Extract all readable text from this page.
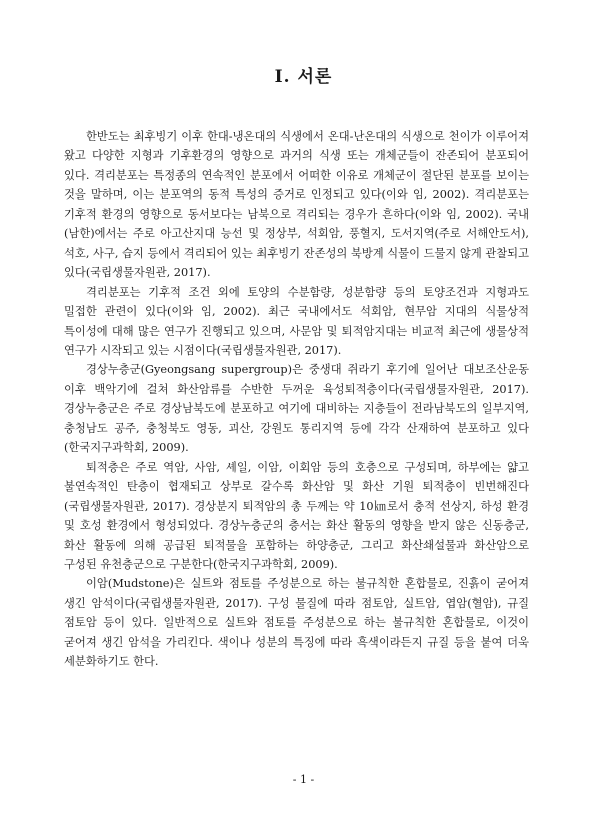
Ⅰ. 서론

한반도는 최후빙기 이후 한대-냉온대의 식생에서 온대-난온대의 식생으로 천이가 이루어져 왔고 다양한 지형과 기후환경의 영향으로 과거의 식생 또는 개체군들이 잔존되어 분포되어 있다. 격리분포는 특정종의 연속적인 분포에서 어떠한 이유로 개체군이 절단된 분포를 보이는 것을 말하며, 이는 분포역의 동적 특성의 증거로 인정되고 있다(이와 임, 2002). 격리분포는 기후적 환경의 영향으로 동서보다는 남북으로 격리되는 경우가 흔하다(이와 임, 2002). 국내(남한)에서는 주로 아고산지대 능선 및 정상부, 석회암, 풍혈지, 도서지역(주로 서해안도서), 석호, 사구, 습지 등에서 격리되어 있는 최후빙기 잔존성의 북방계 식물이 드물지 않게 관찰되고 있다(국립생물자원관, 2017).

격리분포는 기후적 조건 외에 토양의 수분함량, 성분함량 등의 토양조건과 지형과도 밀접한 관련이 있다(이와 임, 2002). 최근 국내에서도 석회암, 현무암 지대의 식물상적 특이성에 대해 많은 연구가 진행되고 있으며, 사문암 및 퇴적암지대는 비교적 최근에 생물상적 연구가 시작되고 있는 시점이다(국립생물자원관, 2017).

경상누층군(Gyeongsang supergroup)은 중생대 쥐라기 후기에 일어난 대보조산운동 이후 백악기에 걸쳐 화산암류를 수반한 두꺼운 육성퇴적층이다(국립생물자원관, 2017). 경상누층군은 주로 경상남북도에 분포하고 여기에 대비하는 지층들이 전라남북도의 일부지역, 충청남도 공주, 충청북도 영동, 괴산, 강원도 통리지역 등에 각각 산재하여 분포하고 있다(한국지구과학회, 2009).

퇴적층은 주로 역암, 사암, 셰일, 이암, 이회암 등의 호층으로 구성되며, 하부에는 얇고 불연속적인 탄층이 협재되고 상부로 갈수록 화산암 및 화산 기원 퇴적층이 빈번해진다(국립생물자원관, 2017). 경상분지 퇴적암의 총 두께는 약 10㎞로서 충적 선상지, 하성 환경 및 호성 환경에서 형성되었다. 경상누층군의 층서는 화산 활동의 영향을 받지 않은 신동층군, 화산 활동에 의해 공급된 퇴적물을 포함하는 하양층군, 그리고 화산쇄설물과 화산암으로 구성된 유천층군으로 구분한다(한국지구과학회, 2009).

이암(Mudstone)은 실트와 점토를 주성분으로 하는 불규칙한 혼합물로, 진흙이 굳어져 생긴 암석이다(국립생물자원관, 2017). 구성 물질에 따라 점토암, 실트암, 엽암(혈암), 규질 점토암 등이 있다. 일반적으로 실트와 점토를 주성분으로 하는 불규칙한 혼합물로, 이것이 굳어져 생긴 암석을 가리킨다. 색이나 성분의 특징에 따라 흑색이라든지 규질 등을 붙여 더욱 세분화하기도 한다.

- 1 -
